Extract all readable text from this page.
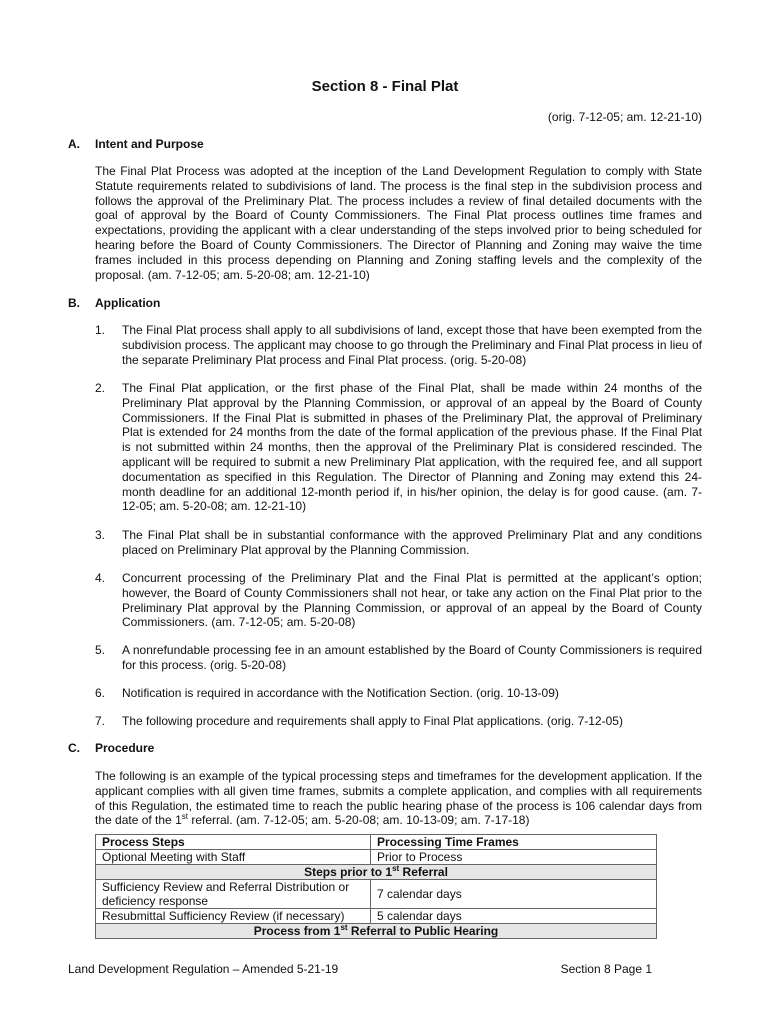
Section 8 - Final Plat
(orig. 7-12-05; am. 12-21-10)
A. Intent and Purpose
The Final Plat Process was adopted at the inception of the Land Development Regulation to comply with State Statute requirements related to subdivisions of land. The process is the final step in the subdivision process and follows the approval of the Preliminary Plat. The process includes a review of final detailed documents with the goal of approval by the Board of County Commissioners. The Final Plat process outlines time frames and expectations, providing the applicant with a clear understanding of the steps involved prior to being scheduled for hearing before the Board of County Commissioners. The Director of Planning and Zoning may waive the time frames included in this process depending on Planning and Zoning staffing levels and the complexity of the proposal. (am. 7-12-05; am. 5-20-08; am. 12-21-10)
B. Application
1. The Final Plat process shall apply to all subdivisions of land, except those that have been exempted from the subdivision process. The applicant may choose to go through the Preliminary and Final Plat process in lieu of the separate Preliminary Plat process and Final Plat process. (orig. 5-20-08)
2. The Final Plat application, or the first phase of the Final Plat, shall be made within 24 months of the Preliminary Plat approval by the Planning Commission, or approval of an appeal by the Board of County Commissioners. If the Final Plat is submitted in phases of the Preliminary Plat, the approval of Preliminary Plat is extended for 24 months from the date of the formal application of the previous phase. If the Final Plat is not submitted within 24 months, then the approval of the Preliminary Plat is considered rescinded. The applicant will be required to submit a new Preliminary Plat application, with the required fee, and all support documentation as specified in this Regulation. The Director of Planning and Zoning may extend this 24-month deadline for an additional 12-month period if, in his/her opinion, the delay is for good cause. (am. 7-12-05; am. 5-20-08; am. 12-21-10)
3. The Final Plat shall be in substantial conformance with the approved Preliminary Plat and any conditions placed on Preliminary Plat approval by the Planning Commission.
4. Concurrent processing of the Preliminary Plat and the Final Plat is permitted at the applicant’s option; however, the Board of County Commissioners shall not hear, or take any action on the Final Plat prior to the Preliminary Plat approval by the Planning Commission, or approval of an appeal by the Board of County Commissioners. (am. 7-12-05; am. 5-20-08)
5. A nonrefundable processing fee in an amount established by the Board of County Commissioners is required for this process. (orig. 5-20-08)
6. Notification is required in accordance with the Notification Section. (orig. 10-13-09)
7. The following procedure and requirements shall apply to Final Plat applications. (orig. 7-12-05)
C. Procedure
The following is an example of the typical processing steps and timeframes for the development application. If the applicant complies with all given time frames, submits a complete application, and complies with all requirements of this Regulation, the estimated time to reach the public hearing phase of the process is 106 calendar days from the date of the 1st referral. (am. 7-12-05; am. 5-20-08; am. 10-13-09; am. 7-17-18)
Process Steps	Processing Time Frames
Optional Meeting with Staff	Prior to Process
Steps prior to 1st Referral	
Sufficiency Review and Referral Distribution or deficiency response	7 calendar days
Resubmittal Sufficiency Review (if necessary)	5 calendar days
Process from 1st Referral to Public Hearing	
Land Development Regulation – Amended 5-21-19	Section 8 Page 1
